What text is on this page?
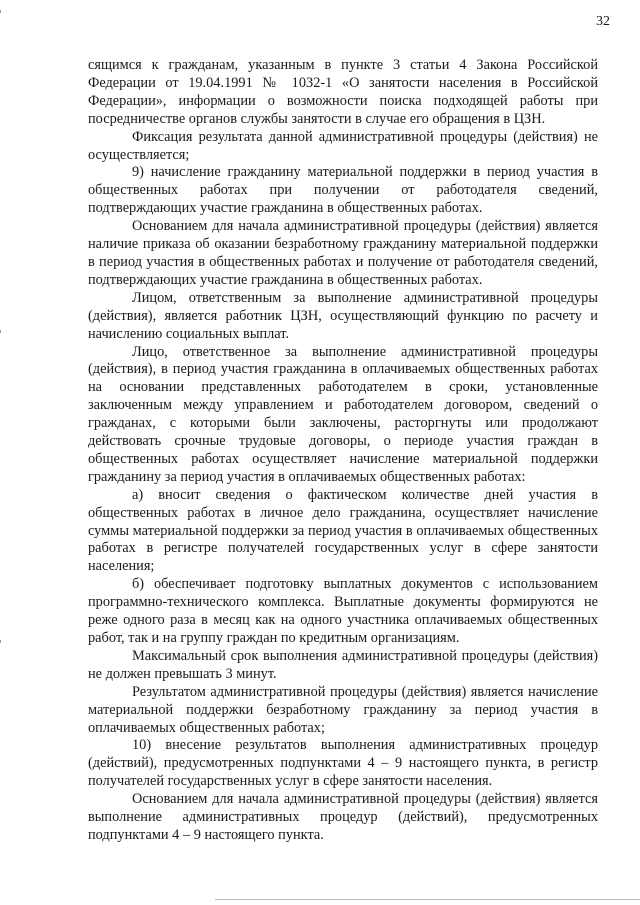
32

сящимся к гражданам, указанным в пункте 3 статьи 4 Закона Российской Федерации от 19.04.1991 № 1032-1 «О занятости населения в Российской Федерации», информации о возможности поиска подходящей работы при посредничестве органов службы занятости в случае его обращения в ЦЗН.

Фиксация результата данной административной процедуры (действия) не осуществляется;

9) начисление гражданину материальной поддержки в период участия в общественных работах при получении от работодателя сведений, подтверждающих участие гражданина в общественных работах.

Основанием для начала административной процедуры (действия) является наличие приказа об оказании безработному гражданину материальной поддержки в период участия в общественных работах и получение от работодателя сведений, подтверждающих участие гражданина в общественных работах.

Лицом, ответственным за выполнение административной процедуры (действия), является работник ЦЗН, осуществляющий функцию по расчету и начислению социальных выплат.

Лицо, ответственное за выполнение административной процедуры (действия), в период участия гражданина в оплачиваемых общественных работах на основании представленных работодателем в сроки, установленные заключенным между управлением и работодателем договором, сведений о гражданах, с которыми были заключены, расторгнуты или продолжают действовать срочные трудовые договоры, о периоде участия граждан в общественных работах осуществляет начисление материальной поддержки гражданину за период участия в оплачиваемых общественных работах:

а) вносит сведения о фактическом количестве дней участия в общественных работах в личное дело гражданина, осуществляет начисление суммы материальной поддержки за период участия в оплачиваемых общественных работах в регистре получателей государственных услуг в сфере занятости населения;

б) обеспечивает подготовку выплатных документов с использованием программно-технического комплекса. Выплатные документы формируются не реже одного раза в месяц как на одного участника оплачиваемых общественных работ, так и на группу граждан по кредитным организациям.

Максимальный срок выполнения административной процедуры (действия) не должен превышать 3 минут.

Результатом административной процедуры (действия) является начисление материальной поддержки безработному гражданину за период участия в оплачиваемых общественных работах;

10) внесение результатов выполнения административных процедур (действий), предусмотренных подпунктами 4 – 9 настоящего пункта, в регистр получателей государственных услуг в сфере занятости населения.

Основанием для начала административной процедуры (действия) является выполнение административных процедур (действий), предусмотренных подпунктами 4 – 9 настоящего пункта.
